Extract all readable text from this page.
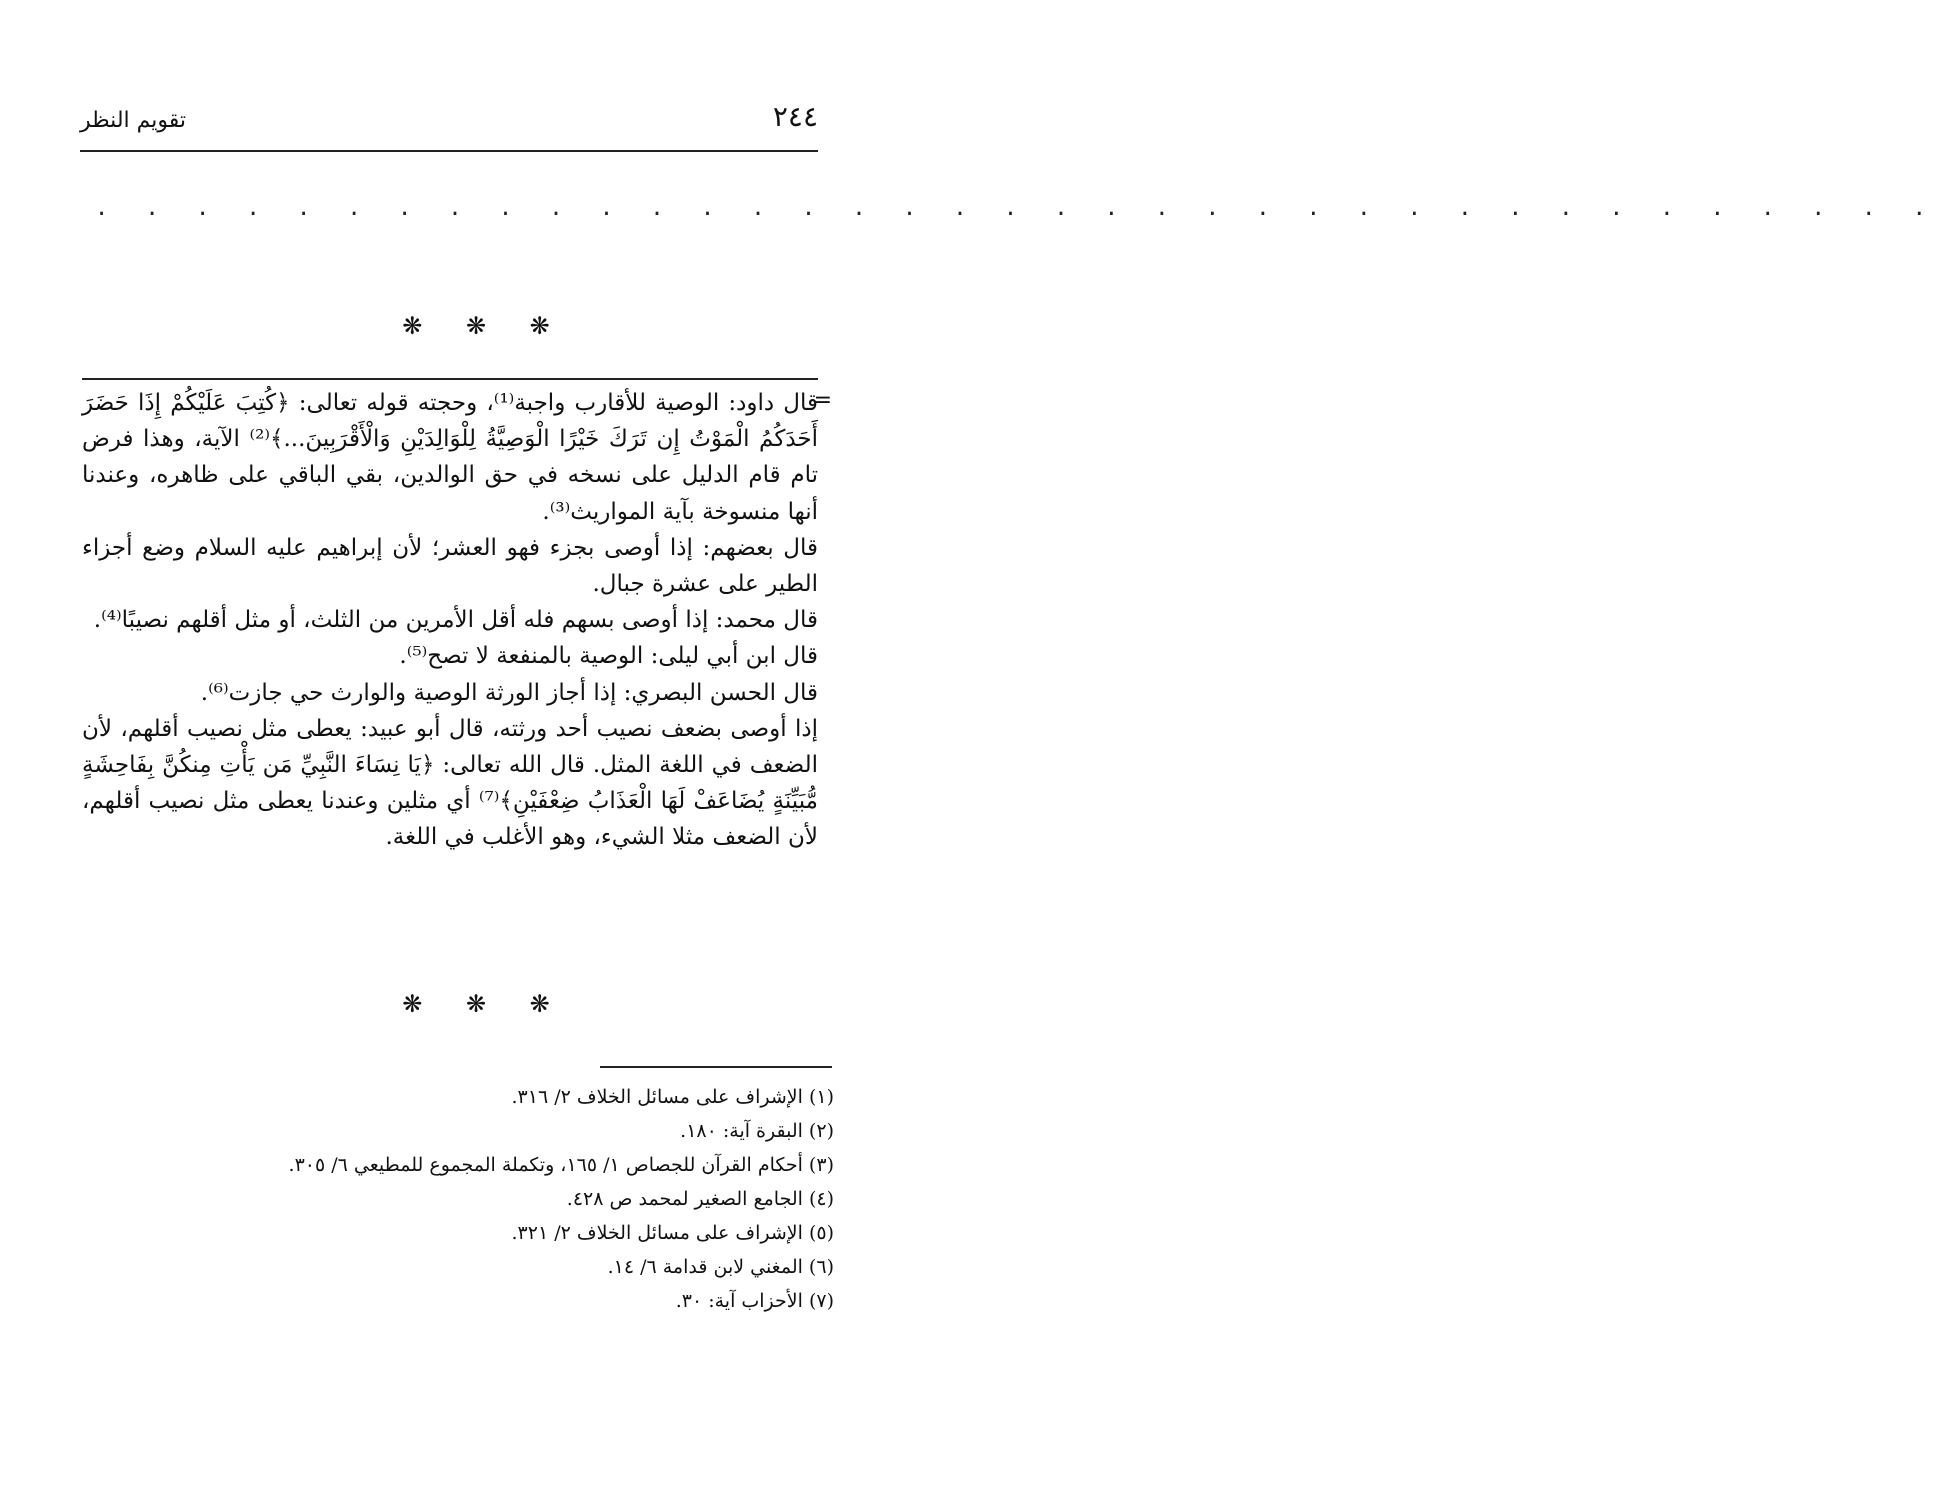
٢٤٤
تقويم النظر
. . . . . . . . . . . . . . . . . . . . . . . . . . . . . . . . . . . . .
❋ ❋ ❋
=

قال داود: الوصية للأقارب واجبة⁽¹⁾، وحجته قوله تعالى: ﴿كُتِبَ عَلَيْكُمْ إِذَا حَضَرَ أَحَدَكُمُ الْمَوْتُ إِن تَرَكَ خَيْرًا الْوَصِيَّةُ لِلْوَالِدَيْنِ وَالْأَقْرَبِينَ...﴾⁽²⁾ الآية، وهذا فرض تام قام الدليل على نسخه في حق الوالدين، بقي الباقي على ظاهره، وعندنا أنها منسوخة بآية المواريث⁽³⁾.

قال بعضهم: إذا أوصى بجزء فهو العشر؛ لأن إبراهيم عليه السلام وضع أجزاء الطير على عشرة جبال.

قال محمد: إذا أوصى بسهم فله أقل الأمرين من الثلث، أو مثل أقلهم نصيبًا⁽⁴⁾.

قال ابن أبي ليلى: الوصية بالمنفعة لا تصح⁽⁵⁾.

قال الحسن البصري: إذا أجاز الورثة الوصية والوارث حي جازت⁽⁶⁾.

إذا أوصى بضعف نصيب أحد ورثته، قال أبو عبيد: يعطى مثل نصيب أقلهم، لأن الضعف في اللغة المثل. قال الله تعالى: ﴿يَا نِسَاءَ النَّبِيِّ مَن يَأْتِ مِنكُنَّ بِفَاحِشَةٍ مُّبَيِّنَةٍ يُضَاعَفْ لَهَا الْعَذَابُ ضِعْفَيْنِ﴾⁽⁷⁾ أي مثلين وعندنا يعطى مثل نصيب أقلهم، لأن الضعف مثلا الشيء، وهو الأغلب في اللغة.

❋ ❋ ❋
(١) الإشراف على مسائل الخلاف ٢/ ٣١٦.
(٢) البقرة آية: ١٨٠.
(٣) أحكام القرآن للجصاص ١/ ١٦٥، وتكملة المجموع للمطيعي ٦/ ٣٠٥.
(٤) الجامع الصغير لمحمد ص ٤٢٨.
(٥) الإشراف على مسائل الخلاف ٢/ ٣٢١.
(٦) المغني لابن قدامة ٦/ ١٤.
(٧) الأحزاب آية: ٣٠.
